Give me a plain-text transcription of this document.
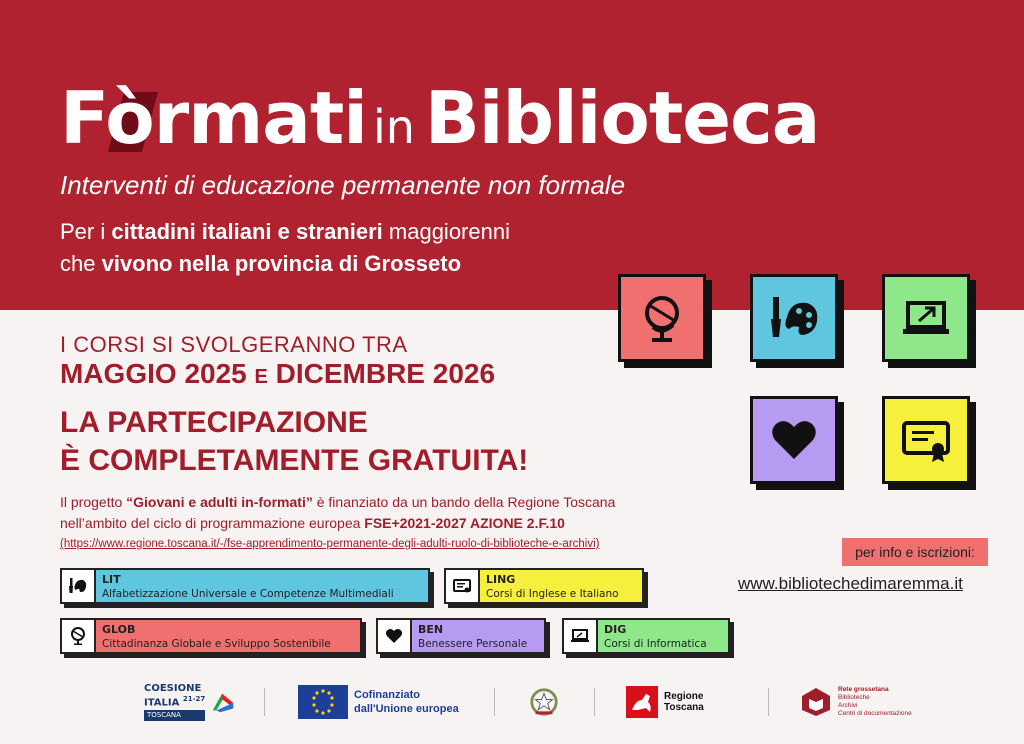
Fòrmati in Biblioteca
Interventi di educazione permanente non formale
Per i cittadini italiani e stranieri maggiorenni
che vivono nella provincia di Grosseto
I CORSI SI SVOLGERANNO TRA
MAGGIO 2025 E DICEMBRE 2026
LA PARTECIPAZIONE
È COMPLETAMENTE GRATUITA!
Il progetto “Giovani e adulti in-formati” è finanziato da un bando della Regione Toscana
nell’ambito del ciclo di programmazione europea FSE+2021-2027 AZIONE 2.F.10
(https://www.regione.toscana.it/-/fse-apprendimento-permanente-degli-adulti-ruolo-di-biblioteche-e-archivi)
LIT
Alfabetizzazione Universale e Competenze Multimediali
LING
Corsi di Inglese e Italiano
GLOB
Cittadinanza Globale e Sviluppo Sostenibile
BEN
Benessere Personale
DIG
Corsi di Informatica
per info e iscrizioni:
www.bibliotechedimaremma.it
COESIONE
ITALIA $^{21-27}$
TOSCANA
Cofinanziato
dall'Unione europea
Regione Toscana
Rete grossetana
Biblioteche
Archivi
Centri di documentazione
